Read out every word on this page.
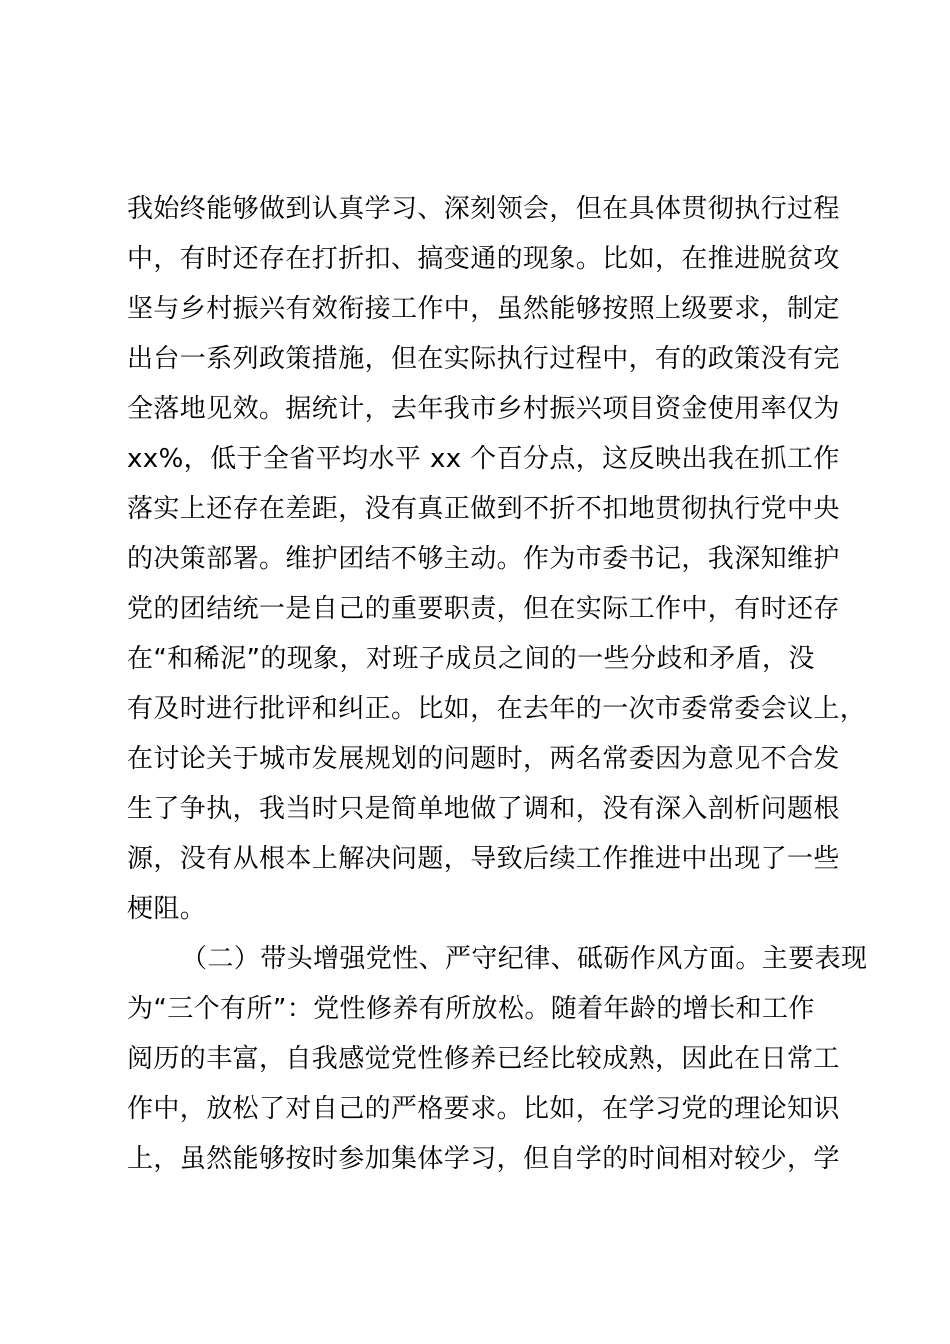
我始终能够做到认真学习、深刻领会，但在具体贯彻执行过程
中，有时还存在打折扣、搞变通的现象。比如，在推进脱贫攻
坚与乡村振兴有效衔接工作中，虽然能够按照上级要求，制定
出台一系列政策措施，但在实际执行过程中，有的政策没有完
全落地见效。据统计，去年我市乡村振兴项目资金使用率仅为
xx%，低于全省平均水平 xx 个百分点，这反映出我在抓工作
落实上还存在差距，没有真正做到不折不扣地贯彻执行党中央
的决策部署。维护团结不够主动。作为市委书记，我深知维护
党的团结统一是自己的重要职责，但在实际工作中，有时还存
在“和稀泥”的现象，对班子成员之间的一些分歧和矛盾，没
有及时进行批评和纠正。比如，在去年的一次市委常委会议上，
在讨论关于城市发展规划的问题时，两名常委因为意见不合发
生了争执，我当时只是简单地做了调和，没有深入剖析问题根
源，没有从根本上解决问题，导致后续工作推进中出现了一些
梗阻。
（二）带头增强党性、严守纪律、砥砺作风方面。主要表现
为“三个有所”：党性修养有所放松。随着年龄的增长和工作
阅历的丰富，自我感觉党性修养已经比较成熟，因此在日常工
作中，放松了对自己的严格要求。比如，在学习党的理论知识
上，虽然能够按时参加集体学习，但自学的时间相对较少，学
